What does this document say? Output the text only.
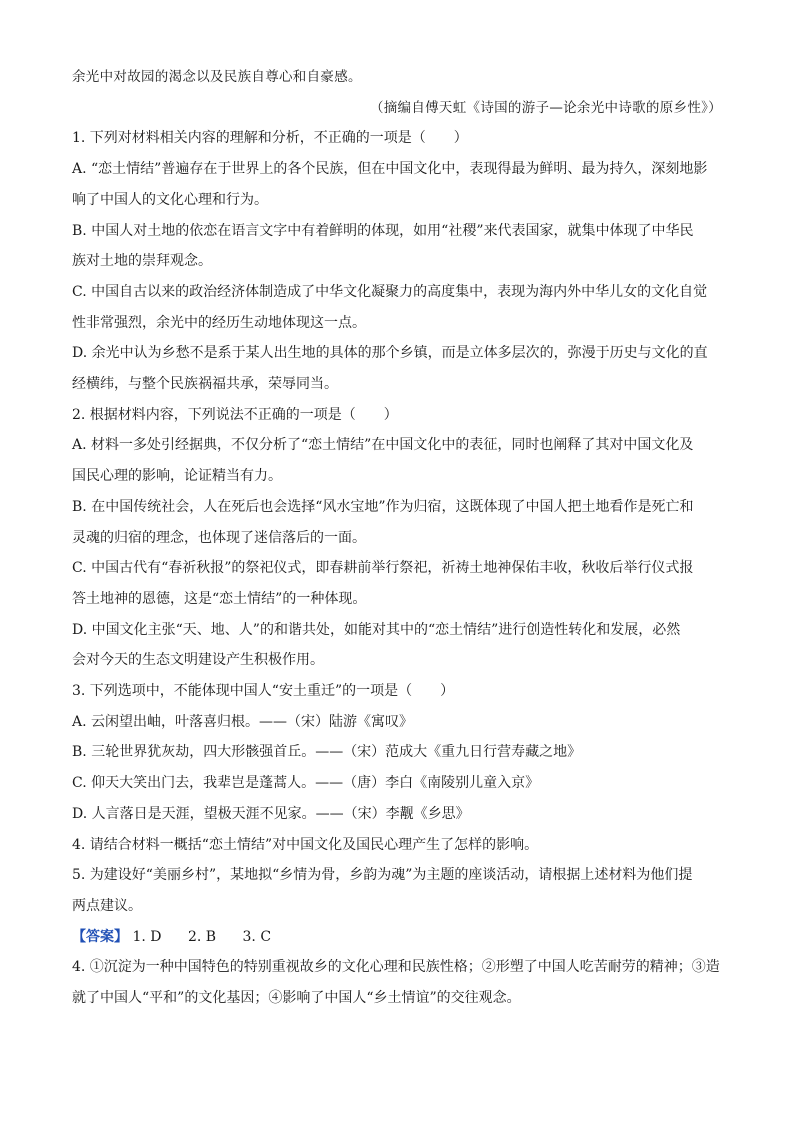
余光中对故园的渴念以及民族自尊心和自豪感。
（摘编自傅天虹《诗国的游子—论余光中诗歌的原乡性》）
1. 下列对材料相关内容的理解和分析，不正确的一项是（　　）
A. “恋土情结”普遍存在于世界上的各个民族，但在中国文化中，表现得最为鲜明、最为持久，深刻地影
响了中国人的文化心理和行为。
B. 中国人对土地的依恋在语言文字中有着鲜明的体现，如用“社稷”来代表国家，就集中体现了中华民
族对土地的崇拜观念。
C. 中国自古以来的政治经济体制造成了中华文化凝聚力的高度集中，表现为海内外中华儿女的文化自觉
性非常强烈，余光中的经历生动地体现这一点。
D. 余光中认为乡愁不是系于某人出生地的具体的那个乡镇，而是立体多层次的，弥漫于历史与文化的直
经横纬，与整个民族祸福共承，荣辱同当。
2. 根据材料内容，下列说法不正确的一项是（　　）
A. 材料一多处引经据典，不仅分析了“恋土情结”在中国文化中的表征，同时也阐释了其对中国文化及
国民心理的影响，论证精当有力。
B. 在中国传统社会，人在死后也会选择“风水宝地”作为归宿，这既体现了中国人把土地看作是死亡和
灵魂的归宿的理念，也体现了迷信落后的一面。
C. 中国古代有“春祈秋报”的祭祀仪式，即春耕前举行祭祀，祈祷土地神保佑丰收，秋收后举行仪式报
答土地神的恩德，这是“恋土情结”的一种体现。
D. 中国文化主张“天、地、人”的和谐共处，如能对其中的“恋土情结”进行创造性转化和发展，必然
会对今天的生态文明建设产生积极作用。
3. 下列选项中，不能体现中国人“安土重迁”的一项是（　　）
A. 云闲望出岫，叶落喜归根。——（宋）陆游《寓叹》
B. 三轮世界犹灰劫，四大形骸强首丘。——（宋）范成大《重九日行营寿藏之地》
C. 仰天大笑出门去，我辈岂是蓬蒿人。——（唐）李白《南陵别儿童入京》
D. 人言落日是天涯，望极天涯不见家。——（宋）李觏《乡思》
4. 请结合材料一概括“恋土情结”对中国文化及国民心理产生了怎样的影响。
5. 为建设好“美丽乡村”，某地拟“乡情为骨，乡韵为魂”为主题的座谈活动，请根据上述材料为他们提
两点建议。
【答案】 1. D 2. B 3. C
4. ①沉淀为一种中国特色的特别重视故乡的文化心理和民族性格；②形塑了中国人吃苦耐劳的精神；③造
就了中国人“平和”的文化基因；④影响了中国人“乡土情谊”的交往观念。
